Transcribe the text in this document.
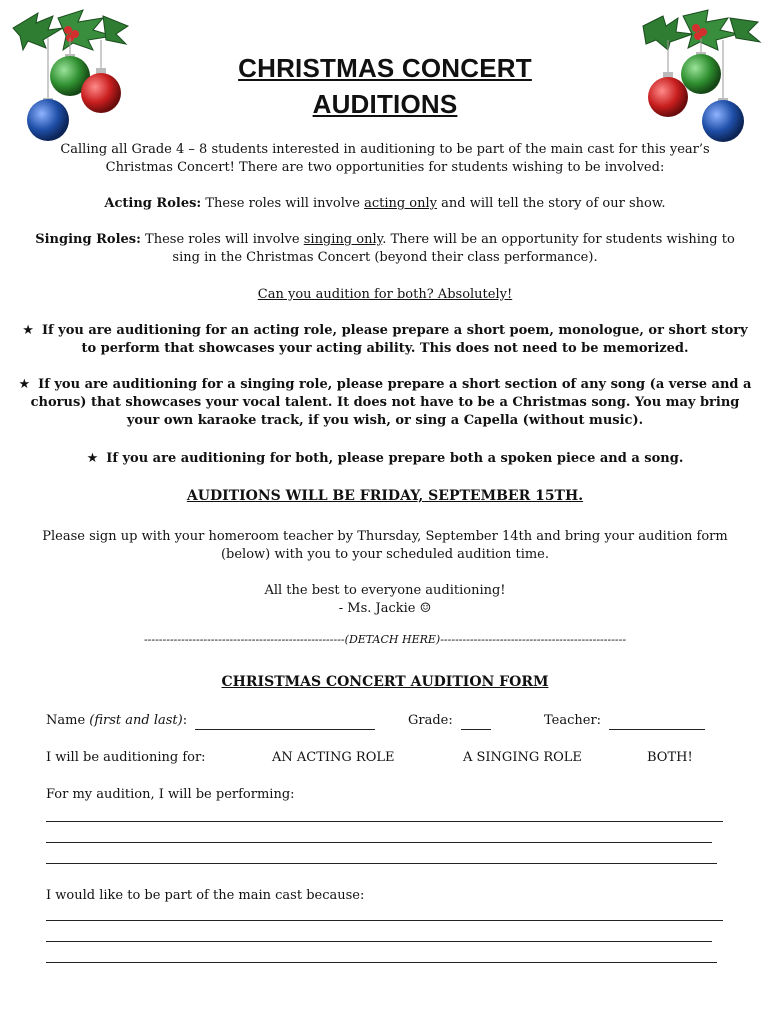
CHRISTMAS CONCERT
AUDITIONS
Calling all Grade 4 – 8 students interested in auditioning to be part of the main cast for this year’s
Christmas Concert! There are two opportunities for students wishing to be involved:
Acting Roles: These roles will involve acting only and will tell the story of our show.
Singing Roles: These roles will involve singing only. There will be an opportunity for students wishing to
sing in the Christmas Concert (beyond their class performance).
Can you audition for both? Absolutely!
★ If you are auditioning for an acting role, please prepare a short poem, monologue, or short story
to perform that showcases your acting ability. This does not need to be memorized.
★ If you are auditioning for a singing role, please prepare a short section of any song (a verse and a
chorus) that showcases your vocal talent. It does not have to be a Christmas song. You may bring
your own karaoke track, if you wish, or sing a Capella (without music).
★ If you are auditioning for both, please prepare both a spoken piece and a song.
AUDITIONS WILL BE FRIDAY, SEPTEMBER 15TH.
Please sign up with your homeroom teacher by Thursday, September 14th and bring your audition form
(below) with you to your scheduled audition time.
All the best to everyone auditioning!
- Ms. Jackie ☺
------------------------------------------------------(DETACH HERE)--------------------------------------------------
CHRISTMAS CONCERT AUDITION FORM
Name (first and last):	Grade:	Teacher:
I will be auditioning for:	AN ACTING ROLE	A SINGING ROLE	BOTH!
For my audition, I will be performing:
I would like to be part of the main cast because:
